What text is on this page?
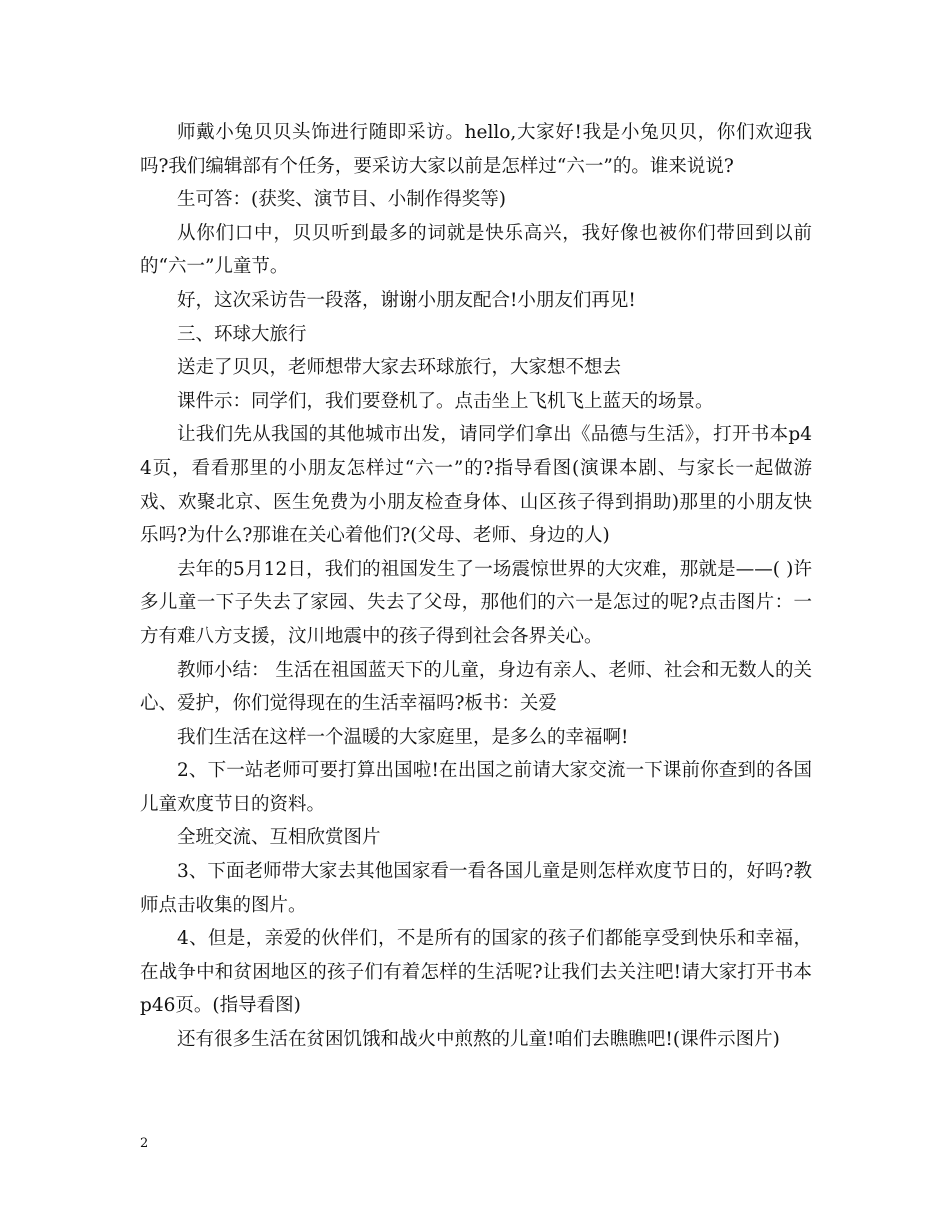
师戴小兔贝贝头饰进行随即采访。hello,大家好!我是小兔贝贝，你们欢迎我吗?我们编辑部有个任务，要采访大家以前是怎样过“六一”的。谁来说说?

生可答：(获奖、演节目、小制作得奖等)

从你们口中，贝贝听到最多的词就是快乐高兴，我好像也被你们带回到以前的“六一”儿童节。

好，这次采访告一段落，谢谢小朋友配合!小朋友们再见!

三、环球大旅行

送走了贝贝，老师想带大家去环球旅行，大家想不想去

课件示：同学们，我们要登机了。点击坐上飞机飞上蓝天的场景。

让我们先从我国的其他城市出发，请同学们拿出《品德与生活》，打开书本p44页，看看那里的小朋友怎样过“六一”的?指导看图(演课本剧、与家长一起做游戏、欢聚北京、医生免费为小朋友检查身体、山区孩子得到捐助)那里的小朋友快乐吗?为什么?那谁在关心着他们?(父母、老师、身边的人)

去年的5月12日，我们的祖国发生了一场震惊世界的大灾难，那就是——( )许多儿童一下子失去了家园、失去了父母，那他们的六一是怎过的呢?点击图片：一方有难八方支援，汶川地震中的孩子得到社会各界关心。

教师小结： 生活在祖国蓝天下的儿童，身边有亲人、老师、社会和无数人的关心、爱护，你们觉得现在的生活幸福吗?板书：关爱

我们生活在这样一个温暖的大家庭里，是多么的幸福啊!

2、下一站老师可要打算出国啦!在出国之前请大家交流一下课前你查到的各国儿童欢度节日的资料。

全班交流、互相欣赏图片

3、下面老师带大家去其他国家看一看各国儿童是则怎样欢度节日的，好吗?教师点击收集的图片。

4、但是，亲爱的伙伴们，不是所有的国家的孩子们都能享受到快乐和幸福，在战争中和贫困地区的孩子们有着怎样的生活呢?让我们去关注吧!请大家打开书本p46页。(指导看图)

还有很多生活在贫困饥饿和战火中煎熬的儿童!咱们去瞧瞧吧!(课件示图片)

2
